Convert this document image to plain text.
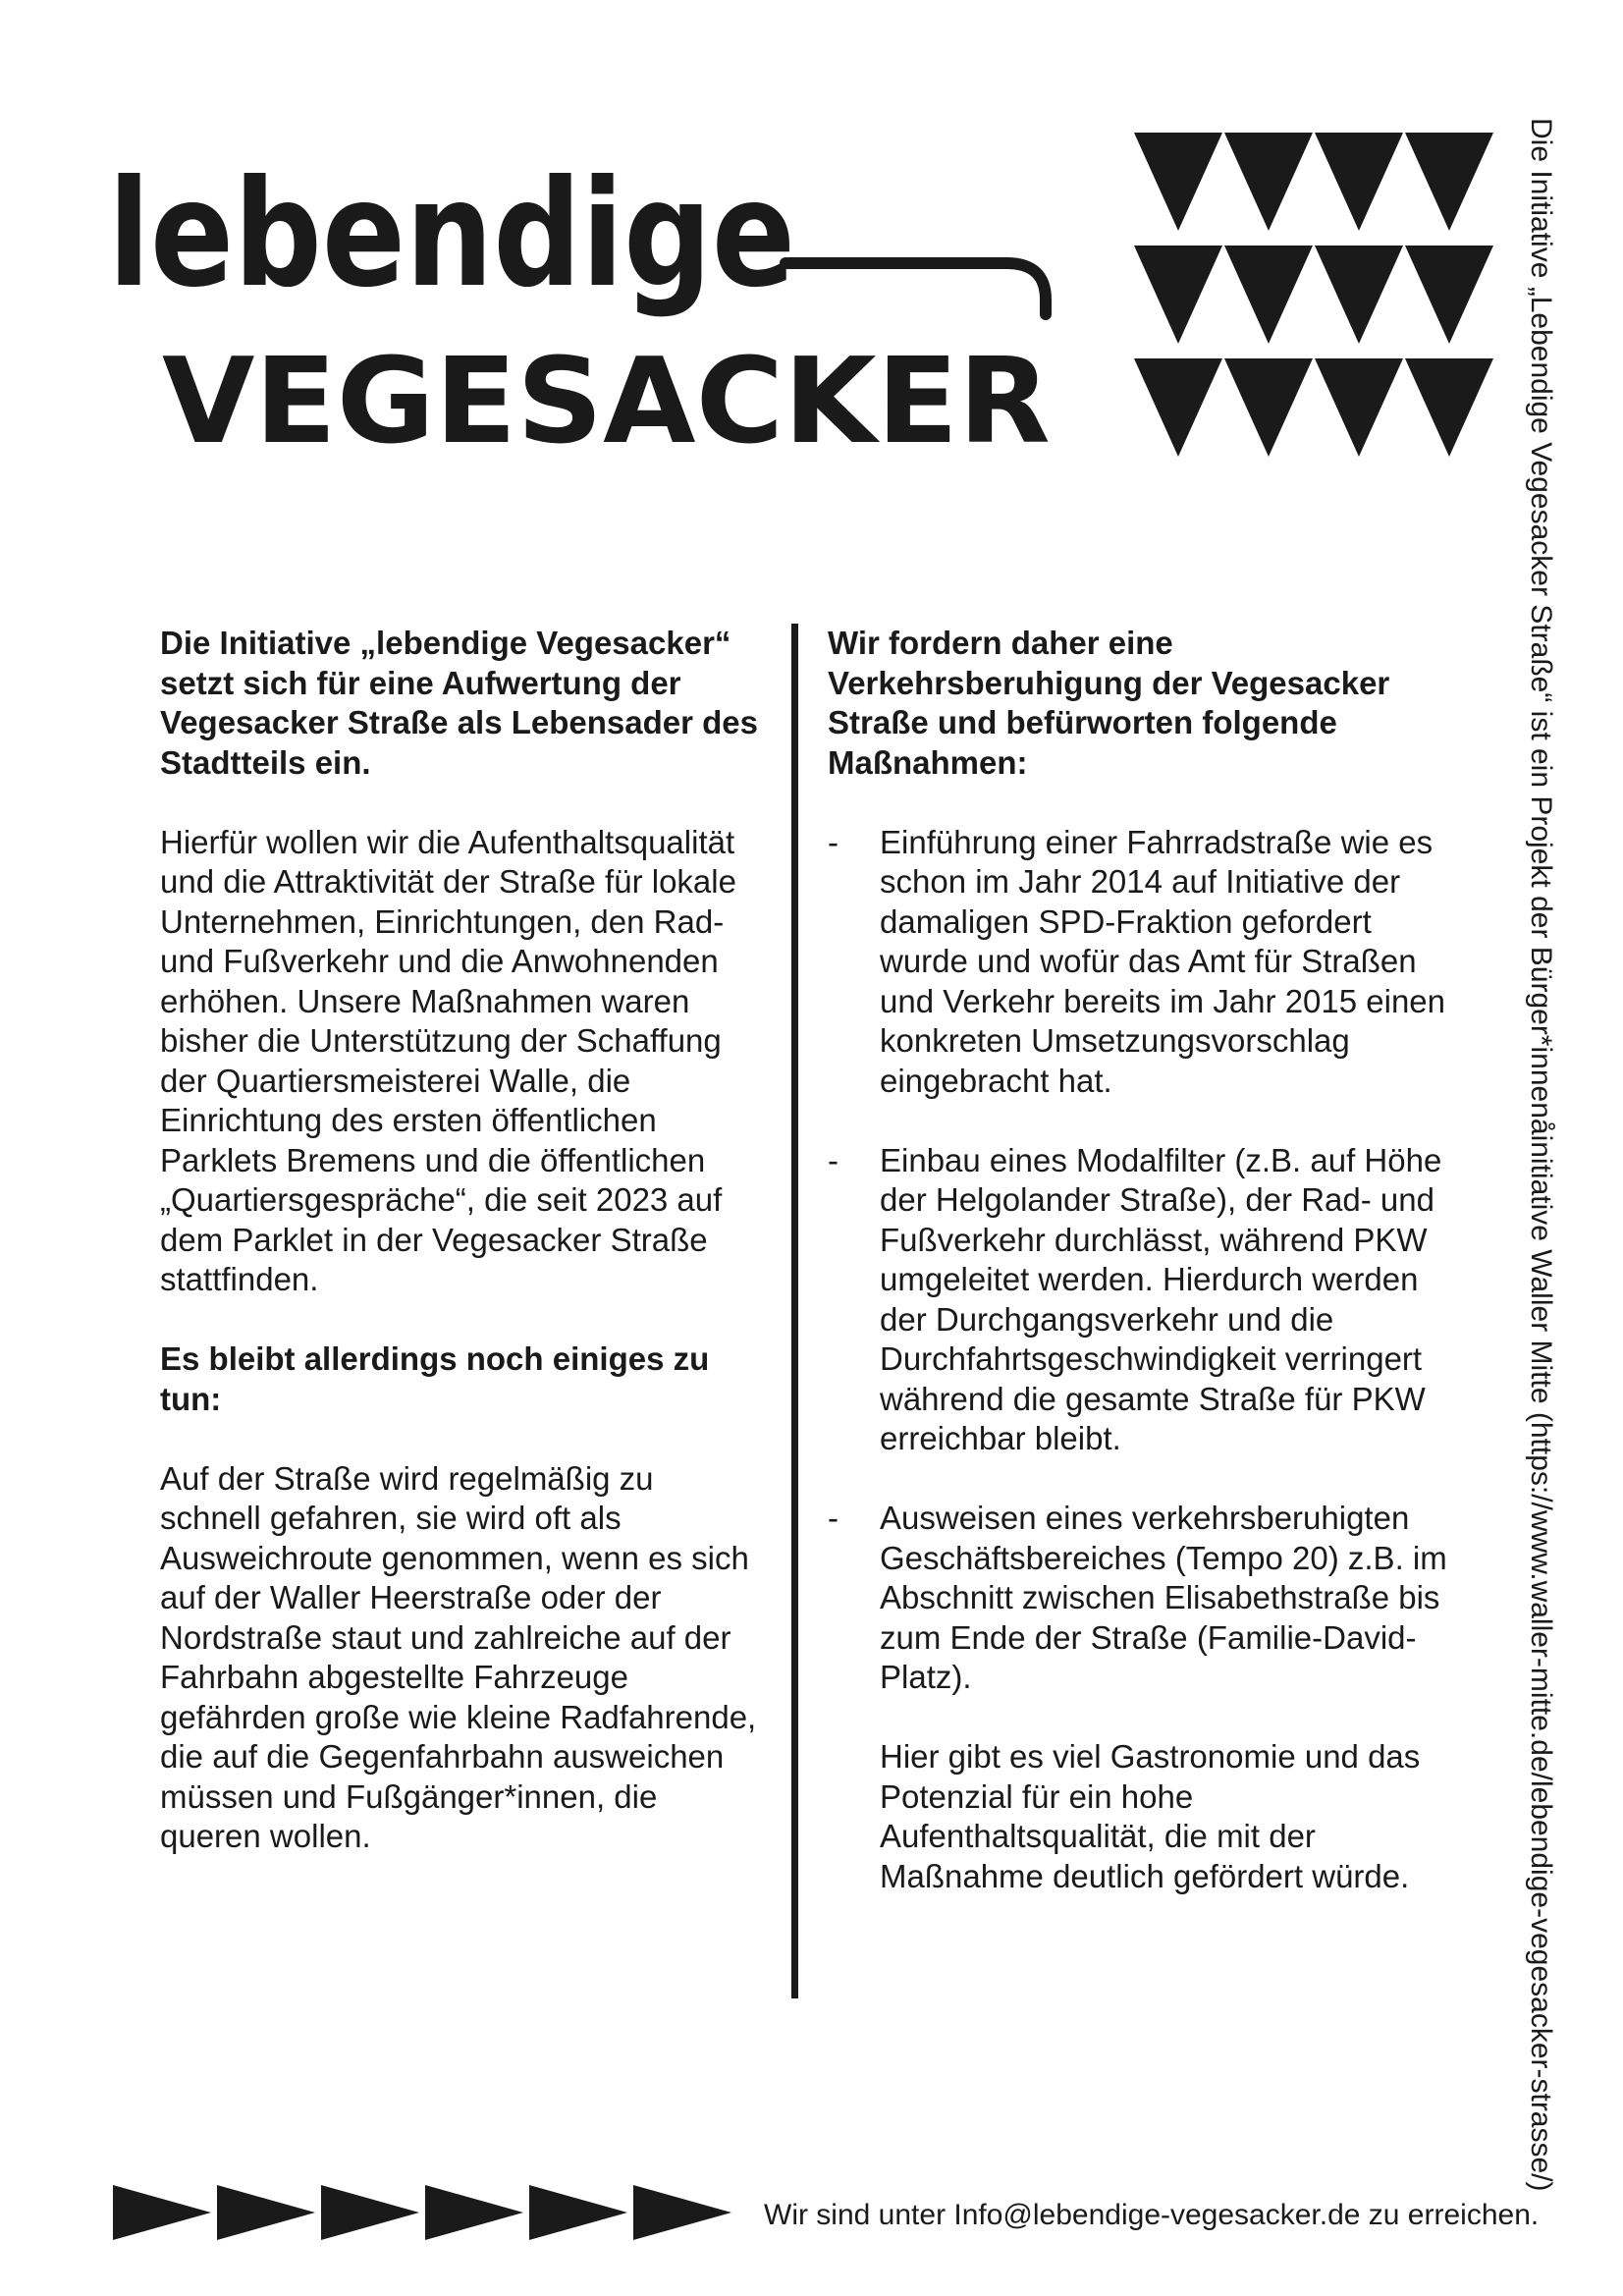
lebendige
VEGESACKER

Die Initiative „lebendige Vegesacker“ setzt sich für eine Aufwertung der Vegesacker Straße als Lebensader des Stadtteils ein.

Hierfür wollen wir die Aufenthaltsqualität und die Attraktivität der Straße für lokale Unternehmen, Einrichtungen, den Rad- und Fußverkehr und die Anwohnenden erhöhen. Unsere Maßnahmen waren bisher die Unterstützung der Schaffung der Quartiersmeisterei Walle, die Einrichtung des ersten öffentlichen Parklets Bremens und die öffentlichen „Quartiersgespräche“, die seit 2023 auf dem Parklet in der Vegesacker Straße stattfinden.

Es bleibt allerdings noch einiges zu tun:

Auf der Straße wird regelmäßig zu schnell gefahren, sie wird oft als Ausweichroute genommen, wenn es sich auf der Waller Heerstraße oder der Nordstraße staut und zahlreiche auf der Fahrbahn abgestellte Fahrzeuge gefährden große wie kleine Radfahrende, die auf die Gegenfahrbahn ausweichen müssen und Fußgänger*innen, die queren wollen.

Wir fordern daher eine Verkehrsberuhigung der Vegesacker Straße und befürworten folgende Maßnahmen:

- Einführung einer Fahrradstraße wie es schon im Jahr 2014 auf Initiative der damaligen SPD-Fraktion gefordert wurde und wofür das Amt für Straßen und Verkehr bereits im Jahr 2015 einen konkreten Umsetzungsvorschlag eingebracht hat.
- Einbau eines Modalfilter (z.B. auf Höhe der Helgolander Straße), der Rad- und Fußverkehr durchlässt, während PKW umgeleitet werden. Hierdurch werden der Durchgangsverkehr und die Durchfahrtsgeschwindigkeit verringert während die gesamte Straße für PKW erreichbar bleibt.
- Ausweisen eines verkehrsberuhigten Geschäftsbereiches (Tempo 20) z.B. im Abschnitt zwischen Elisabethstraße bis zum Ende der Straße (Familie-David-Platz).

Hier gibt es viel Gastronomie und das Potenzial für ein hohe Aufenthaltsqualität, die mit der Maßnahme deutlich gefördert würde.	Die Initiative „Lebendige Vegesacker Straße“ ist ein Projekt der Bürger*innenåinitiative Waller Mitte (https://www.waller-mitte.de/lebendige-vegesacker-strasse/)
Wir sind unter Info@lebendige-vegesacker.de zu erreichen.
